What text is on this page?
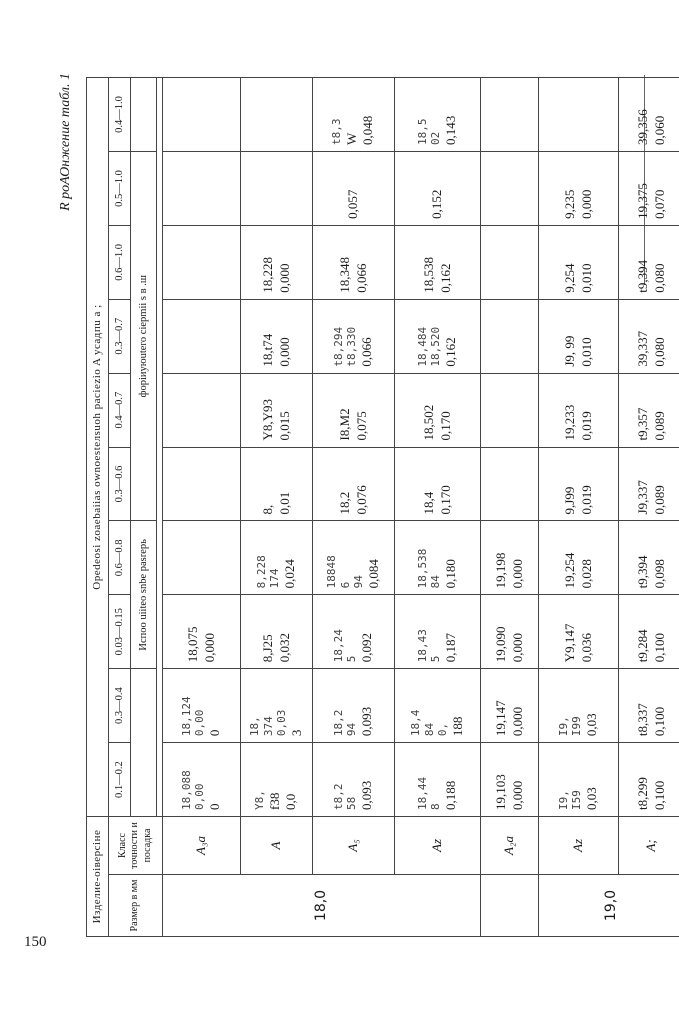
150
R рoАОнжение табл. 1
Изделие-оiверсiне		Opedeosi zoaebaiias ownoesteлsuoh paciezio A уcадпu a ;									
Размер в мм	Класс точности и посадка	0.1—0.2	0.3—0.4	0.03—0.15	0.6—0.8	0.3—0.6	0.4—0.7	0.3—0.7	0.6—1.0	0.5—1.0	0.4—1.0
				Испоо uiiteo snbe pasrеpь		фoрiиyюutero ciepmii s в .ш					

18,0	A₃а	18,088 0,00 0	18,124 0,00 0	18,075 0,000							

	A	Y8, f38 0,0	18, 374 0,03 3	8,J25 0,032	8,228 174 0,024	8, 0,01	Y8,Y93 0,015	18,t74 0,000	18,228 0,000		

	A₅	t8,2 58 0,093	18,2 94 0,093	18,24 5 0,092	18848 6 94 0,084	18,2 0,076	I8,M2 0,075	t8,294 t8,330 0,066	18,348 0,066	0,057	t8,3 W 0,048

	Az	18,44 8 0,188	18,4 84 0, 188	18,43 5 0,187	18,538 84 0,180	18,4 0,170	18,502 0,170	18,484 18,520 0,162	18,538 0,162	0,152	18,5 02 0,143

	A₂а	19,103 0,000	19,147 0,000	19,090 0,000	19,198 0,000						

19,0	Az	I9, I59 0,03	I9, I99 0,03	Y9,147 0,036	19,254 0,028	9,J99 0,019	19,233 0,019	J9, 99 0,010	9,254 0,010	9,235 0,000	

	A;	t8,299 0,100	t8,337 0,100	t9,284 0,100	t9,394 0,098	J9,337 0,089	t9,357 0,089	39,337 0,080	t9,394 0,080	19,375 0,070	39,356 0,060
